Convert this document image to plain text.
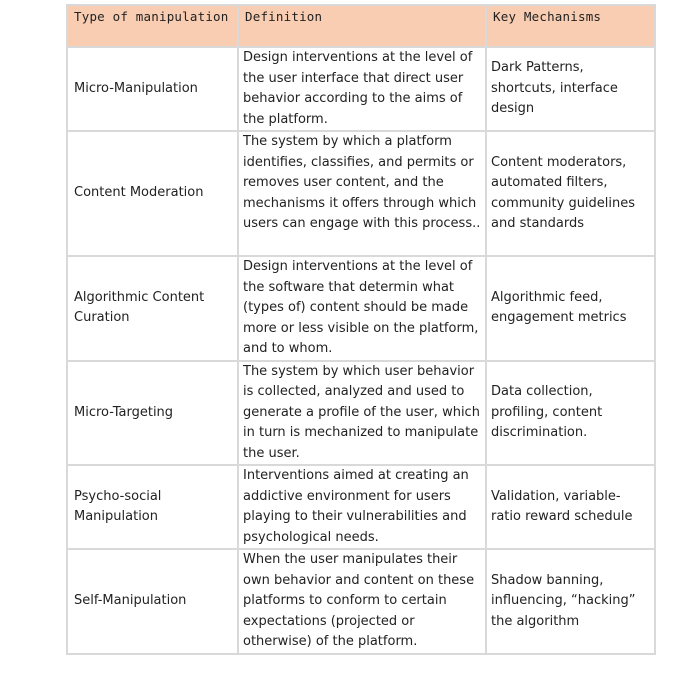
Type of manipulation	Definition	Key Mechanisms
Micro-Manipulation	Design interventions at the level of the user interface that direct user behavior according to the aims of the platform.	Dark Patterns, shortcuts, interface design
Content Moderation	The system by which a platform identifies, classifies, and permits or removes user content, and the mechanisms it offers through which users can engage with this process..	Content moderators, automated filters, community guidelines and standards
Algorithmic Content Curation	Design interventions at the level of the software that determin what (types of) content should be made more or less visible on the platform, and to whom.	Algorithmic feed, engagement metrics
Micro-Targeting	The system by which user behavior is collected, analyzed and used to generate a profile of the user, which in turn is mechanized to manipulate the user.	Data collection, profiling, content discrimination.
Psycho-social Manipulation	Interventions aimed at creating an addictive environment for users playing to their vulnerabilities and psychological needs.	Validation, variable-ratio reward schedule
Self-Manipulation	When the user manipulates their own behavior and content on these platforms to conform to certain expectations (projected or otherwise) of the platform.	Shadow banning, influencing, “hacking” the algorithm
